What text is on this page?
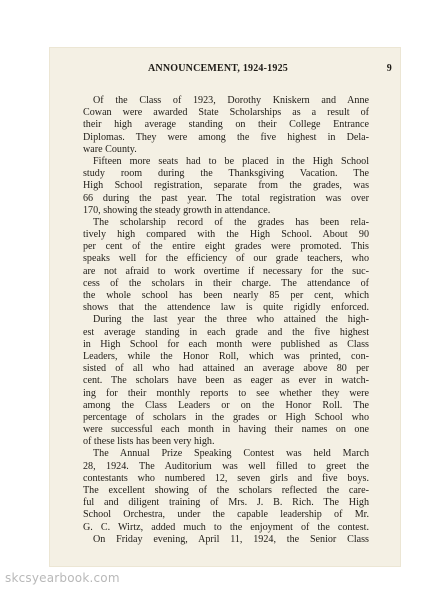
ANNOUNCEMENT, 1924-1925	9
Of the Class of 1923, Dorothy Kniskern and Anne
Cowan were awarded State Scholarships as a result of
their high average standing on their College Entrance
Diplomas. They were among the five highest in Dela-
ware County.
Fifteen more seats had to be placed in the High School
study room during the Thanksgiving Vacation. The
High School registration, separate from the grades, was
66 during the past year. The total registration was over
170, showing the steady growth in attendance.
The scholarship record of the grades has been rela-
tively high compared with the High School. About 90
per cent of the entire eight grades were promoted. This
speaks well for the efficiency of our grade teachers, who
are not afraid to work overtime if necessary for the suc-
cess of the scholars in their charge. The attendance of
the whole school has been nearly 85 per cent, which
shows that the attendence law is quite rigidly enforced.
During the last year the three who attained the high-
est average standing in each grade and the five highest
in High School for each month were published as Class
Leaders, while the Honor Roll, which was printed, con-
sisted of all who had attained an average above 80 per
cent. The scholars have been as eager as ever in watch-
ing for their monthly reports to see whether they were
among the Class Leaders or on the Honor Roll. The
percentage of scholars in the grades or High School who
were successful each month in having their names on one
of these lists has been very high.
The Annual Prize Speaking Contest was held March
28, 1924. The Auditorium was well filled to greet the
contestants who numbered 12, seven girls and five boys.
The excellent showing of the scholars reflected the care-
ful and diligent training of Mrs. J. B. Rich. The High
School Orchestra, under the capable leadership of Mr.
G. C. Wirtz, added much to the enjoyment of the contest.
On Friday evening, April 11, 1924, the Senior Class
skcsyearbook.com
